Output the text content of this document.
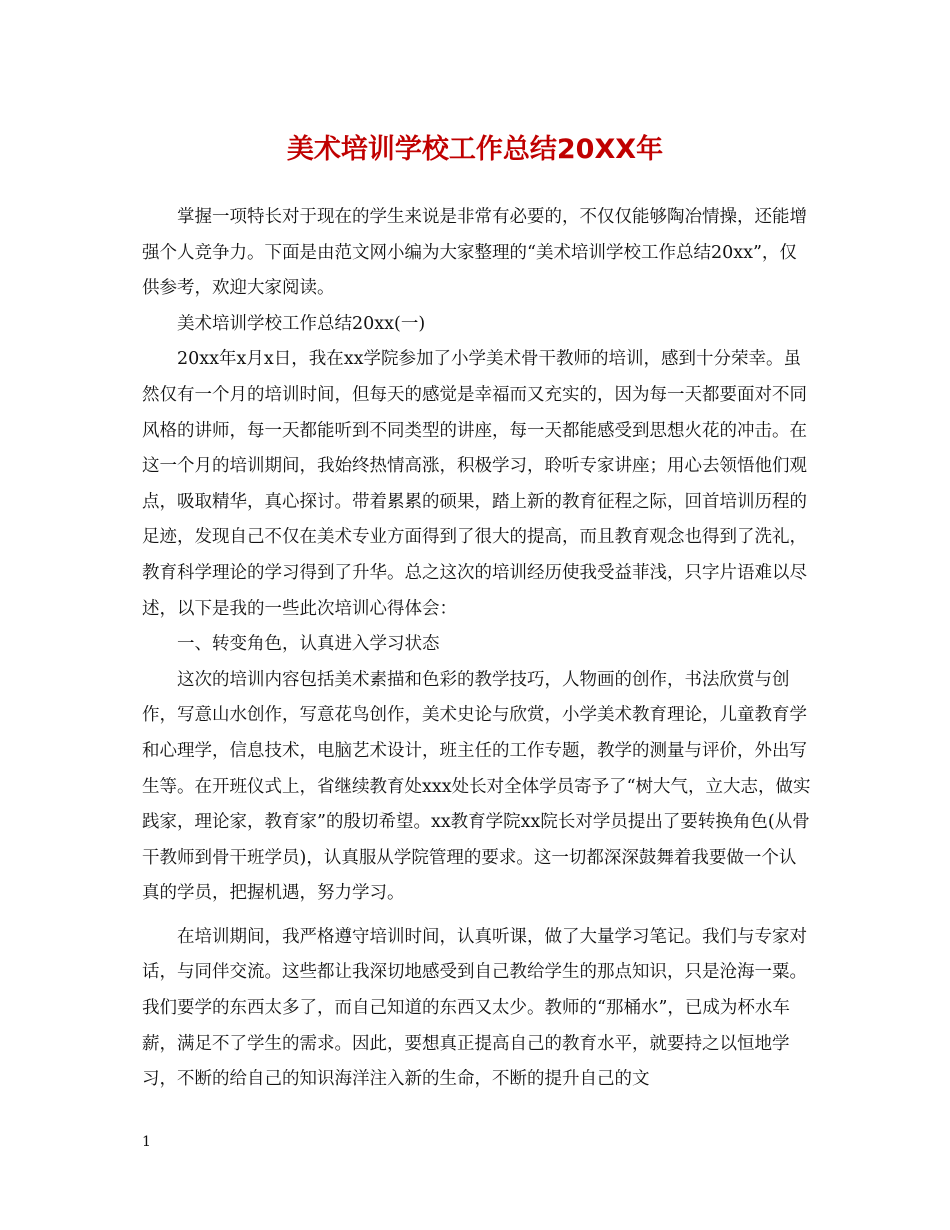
美术培训学校工作总结20XX年

掌握一项特长对于现在的学生来说是非常有必要的，不仅仅能够陶冶情操，还能增强个人竞争力。下面是由范文网小编为大家整理的“美术培训学校工作总结20xx”，仅供参考，欢迎大家阅读。

美术培训学校工作总结20xx(一)

20xx年x月x日，我在xx学院参加了小学美术骨干教师的培训，感到十分荣幸。虽然仅有一个月的培训时间，但每天的感觉是幸福而又充实的，因为每一天都要面对不同风格的讲师，每一天都能听到不同类型的讲座，每一天都能感受到思想火花的冲击。在这一个月的培训期间，我始终热情高涨，积极学习，聆听专家讲座；用心去领悟他们观点，吸取精华，真心探讨。带着累累的硕果，踏上新的教育征程之际，回首培训历程的足迹，发现自己不仅在美术专业方面得到了很大的提高，而且教育观念也得到了洗礼，教育科学理论的学习得到了升华。总之这次的培训经历使我受益菲浅，只字片语难以尽述，以下是我的一些此次培训心得体会：

一、转变角色，认真进入学习状态

这次的培训内容包括美术素描和色彩的教学技巧，人物画的创作，书法欣赏与创作，写意山水创作，写意花鸟创作，美术史论与欣赏，小学美术教育理论，儿童教育学和心理学，信息技术，电脑艺术设计，班主任的工作专题，教学的测量与评价，外出写生等。在开班仪式上，省继续教育处xxx处长对全体学员寄予了“树大气，立大志，做实践家，理论家，教育家”的殷切希望。xx教育学院xx院长对学员提出了要转换角色(从骨干教师到骨干班学员)，认真服从学院管理的要求。这一切都深深鼓舞着我要做一个认真的学员，把握机遇，努力学习。

在培训期间，我严格遵守培训时间，认真听课，做了大量学习笔记。我们与专家对话，与同伴交流。这些都让我深切地感受到自己教给学生的那点知识，只是沧海一粟。我们要学的东西太多了，而自己知道的东西又太少。教师的“那桶水”，已成为杯水车薪，满足不了学生的需求。因此，要想真正提高自己的教育水平，就要持之以恒地学习，不断的给自己的知识海洋注入新的生命，不断的提升自己的文

1
